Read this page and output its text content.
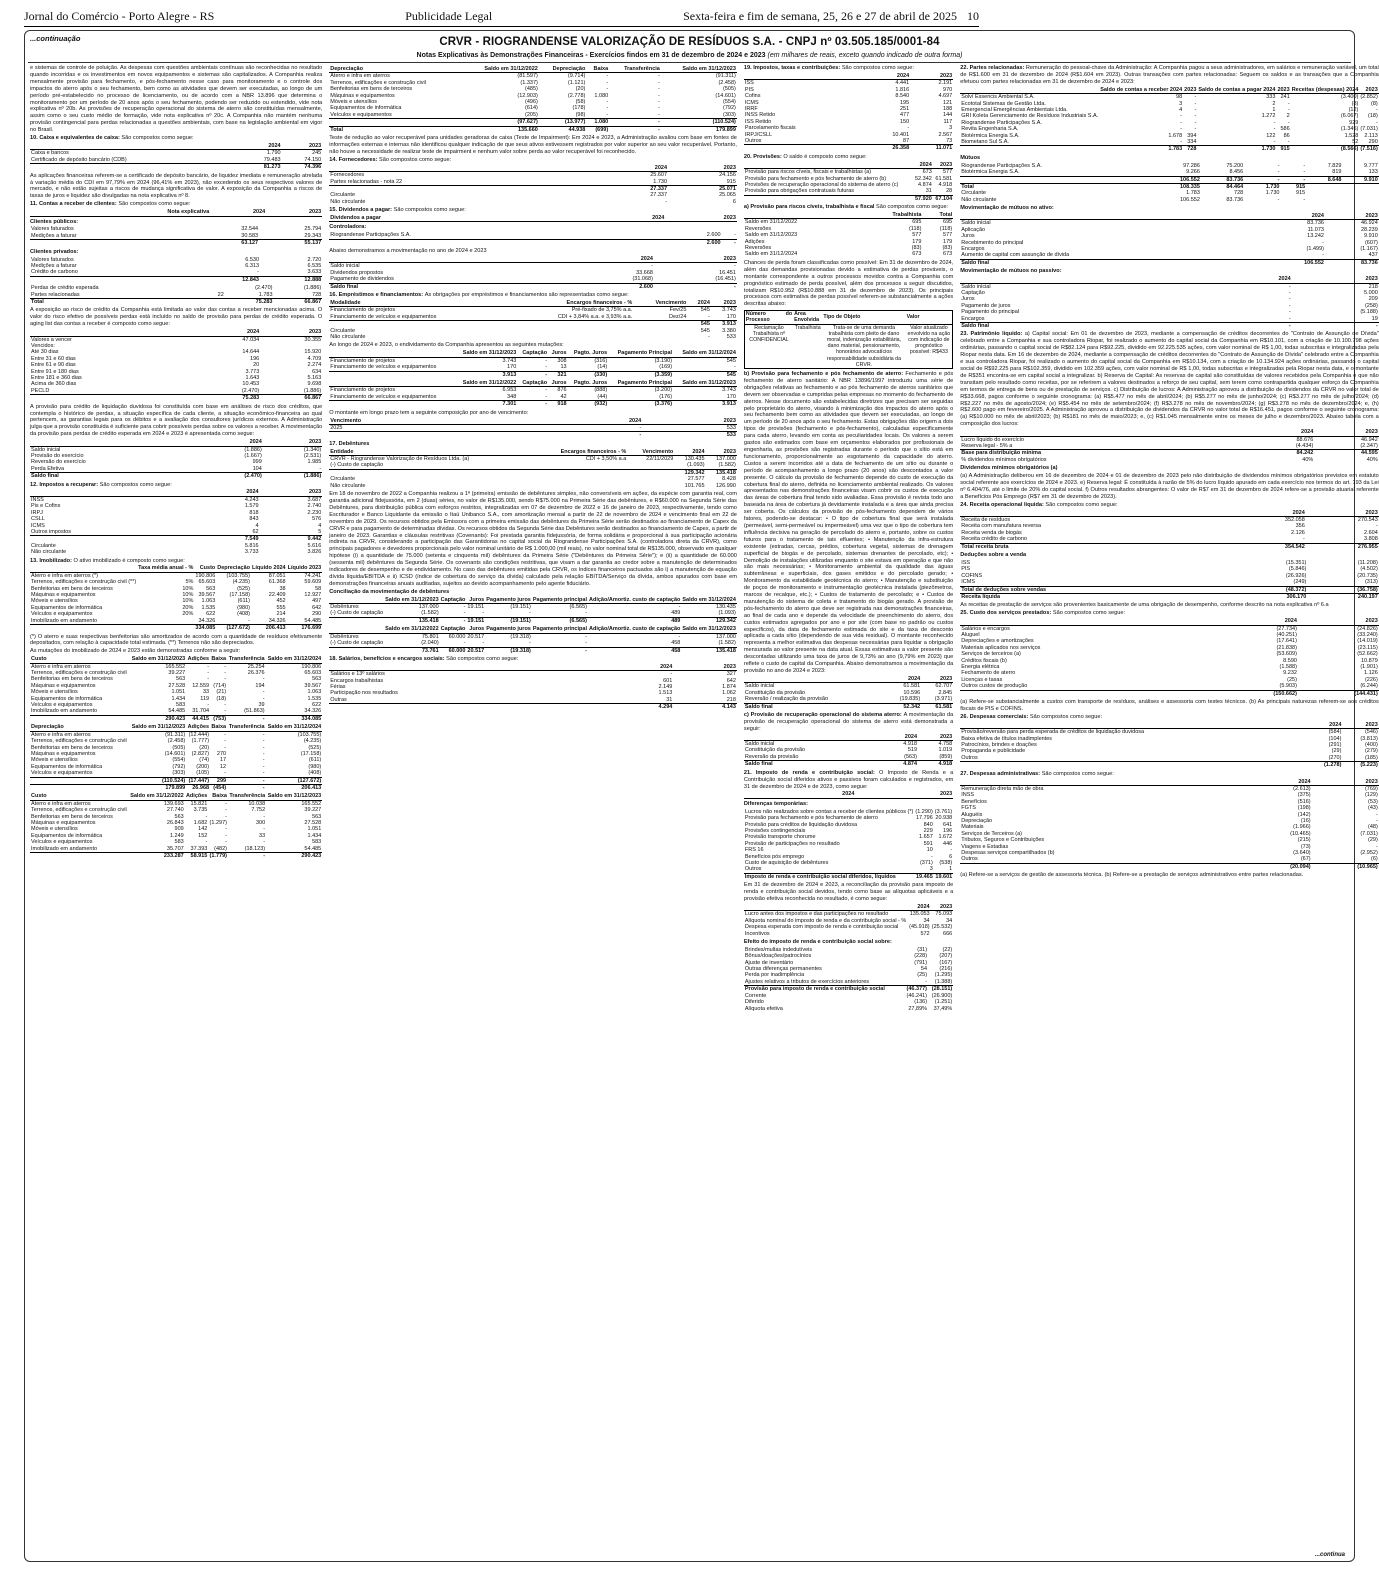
Jornal do Comércio - Porto Alegre - RS	Publicidade Legal	Sexta-feira e fim de semana, 25, 26 e 27 de abril de 2025 10
...continuação	CRVR - RIOGRANDENSE VALORIZAÇÃO DE RESÍDUOS S.A. - CNPJ nº 03.505.185/0001-84
Notas Explicativas às Demonstrações Financeiras - Exercícios findos em 31 de dezembro de 2024 e 2023 (em milhares de reais, exceto quando indicado de outra forma)

e sistemas de controle de poluição. As despesas com questões ambientais contínuas são reconhecidas no resultado quando incorridas e os investimentos em novos equipamentos e sistemas são capitalizados. A Companhia realiza mensalmente provisão para fechamento, e pós-fechamento nesse caso para monitoramento e o controle dos impactos do aterro após o seu fechamento, bem como as atividades que devem ser executadas, ao longo de um período pré-estabelecido no processo de licenciamento, ou de acordo com a NBR 13.896 que determina o monitoramento por um período de 20 anos após o seu fechamento, podendo ser reduzido ou estendido, vide nota explicativa nº 20b. As provisões de recuperação operacional do sistema de aterro são constituídas mensalmente, assim como o seu custo médio de formação, vide nota explicativa nº 20c. A Companhia não mantém nenhuma provisão contingencial para perdas relacionadas a questões ambientais, com base na legislação ambiental em vigor no Brasil.

10. Caixa e equivalentes de caixa: São compostos como segue:

	2024	2023
Caixa e bancos	1.790	245
Certificado de depósito bancário (CDB)	79.483	74.150
	81.273	74.396

As aplicações financeiras referem-se a certificado de depósito bancário, de liquidez imediata e remuneração atrelada à variação média do CDI em 97,79% em 2024 (96,41% em 2023), não excedendo os seus respectivos valores de mercado, e não estão sujeitas a riscos de mudança significativa de valor. A exposição da Companhia a riscos de taxas de juros e liquidez são divulgadas na nota explicativa nº 8.

11. Contas a receber de clientes: São compostos como segue:

	Nota explicativa	2024	2023

Clientes públicos:

Valores faturados		32.544	25.794
Medições a faturar		30.583	29.343
		63.127	55.137

Clientes privados:

Valores faturados		6.530	2.720
Medições a faturar		6.313	6.535
Crédito de carbono		-	3.633
		12.843	12.888
Perdas de crédito esperada		(2.470)	(1.886)
Partes relacionadas	22	1.783	728
Total		75.283	66.867

A exposição ao risco de crédito da Companhia está limitada ao valor das contas a receber mencionadas acima. O valor do risco efetivo de possíveis perdas está incluído no saldo de provisão para perdas de crédito esperada. O aging list das contas a receber é composto como segue:

	2024	2023
Valores a vencer	47.034	30.355
Vencidos:		
Até 30 dias	14.644	15.920
Entre 31 e 60 dias	196	4.709
Entre 61 e 90 dias	20	2.274
Entre 91 e 180 dias	3.773	634
Entre 181 e 360 dias	1.643	5.163
Acima de 360 dias	10.453	9.698
PECLD	(2.470)	(1.886)
	75.283	66.867

A provisão para crédito de liquidação duvidosa foi constituída com base em análises de risco dos créditos, que contempla o histórico de perdas, a situação específica de cada cliente, a situação econômico-financeira ao qual pertencem, as garantias legais para os débitos e a avaliação dos consultores jurídicos externos. A Administração julga que a provisão constituída é suficiente para cobrir possíveis perdas sobre os valores a receber. A movimentação da provisão para perdas de crédito esperada em 2024 e 2023 é apresentada como segue:

	2024	2023
Saldo inicial	(1.886)	(1.340)
Provisão do exercício	(1.667)	(2.531)
Reversão do exercício	999	1.985
Perda Efetiva	104	-
Saldo final	(2.470)	(1.886)

12. Impostos a recuperar: São compostos como segue:

	2024	2023
INSS	4.243	3.687
Pis e Cofins	1.579	2.740
IRPJ	818	2.230
CSLL	843	576
ICMS	4	4
Outros impostos	62	5
	7.549	9.442
Circulante	5.816	5.616
Não circulante	3.733	3.826

13. Imobilizado: O ativo imobilizado é composto como segue:

	Taxa média anual - %	Custo	Depreciação	Líquido 2024	Líquido 2023
Aterro e infra em aterros (*)		190.806	(103.755)	87.051	74.241
Terrenos, edificações e construção civil (**)	5%	65.603	(4.235)	61.368	59.609
Benfeitorias em bens de terceiros	10%	563	(525)	38	58
Máquinas e equipamentos	10%	39.567	(17.158)	22.409	12.927
Móveis e utensílios	10%	1.063	(611)	452	497
Equipamentos de informática	20%	1.535	(980)	555	642
Veículos e equipamentos	20%	622	(408)	214	290
Imobilizado em andamento		34.326	-	34.326	54.485
		334.085	(127.672)	206.413	176.699

(*) O aterro e suas respectivas benfeitorias são amortizados de acordo com a quantidade de resíduos efetivamente depositados, com relação à capacidade total estimada. (**) Terrenos não são depreciados.

As mutações do imobilizado de 2024 e 2023 estão demonstradas conforme a seguir:

Custo	Saldo em 31/12/2023	Adições	Baixa	Transferência	Saldo em 31/12/2024
Aterro e infra em aterros	165.552	-	-	25.254	190.806
Terrenos, edificações e construção civil	39.227	-	-	26.376	65.603
Benfeitorias em bens de terceiros	563	-	-	-	563
Máquinas e equipamentos	27.528	12.559	(714)	194	39.567
Móveis e utensílios	1.051	33	(21)	-	1.063
Equipamentos de informática	1.434	119	(18)	-	1.535
Veículos e equipamentos	583	-	-	39	622
Imobilizado em andamento	54.485	31.704	-	(51.863)	34.326
	290.423	44.415	(753)	-	334.085
Depreciação	Saldo em 31/12/2023	Adições	Baixa	Transferência	Saldo em 31/12/2024
Aterro e infra em aterros	(91.311)	(12.444)	-	-	(103.755)
Terrenos, edificações e construção civil	(2.458)	(1.777)	-	-	(4.235)
Benfeitorias em bens de terceiros	(505)	(20)	-	-	(525)
Máquinas e equipamentos	(14.601)	(2.827)	270	-	(17.158)
Móveis e utensílios	(554)	(74)	17	-	(611)
Equipamentos de informática	(792)	(200)	12	-	(980)
Veículos e equipamentos	(303)	(105)	-	-	(408)
	(110.524)	(17.447)	299	-	(127.672)
	179.899	26.968	(454)	-	206.413
Custo	Saldo em 31/12/2022	Adições	Baixa	Transferência	Saldo em 31/12/2023
Aterro e infra em aterros	139.693	15.821	-	10.038	165.552
Terrenos, edificações e construção civil	27.740	3.735	-	7.752	39.227
Benfeitorias em bens de terceiros	563	-	-	-	563
Máquinas e equipamentos	26.843	1.682	(1.297)	300	27.528
Móveis e utensílios	909	142	-	-	1.051
Equipamentos de informática	1.249	152	-	33	1.434
Veículos e equipamentos	583	-	-	-	583
Imobilizado em andamento	35.707	37.393	(482)	(18.123)	54.485
	233.287	58.915	(1.779)	-	290.423
Depreciação	Saldo em 31/12/2022	Depreciação	Baixa	Transferência	Saldo em 31/12/2023
Aterro e infra em aterros	(81.597)	(9.714)	-	-	(91.311)
Terrenos, edificações e construção civil	(1.337)	(1.121)	-	-	(2.458)
Benfeitorias em bens de terceiros	(485)	(20)	-	-	(505)
Máquinas e equipamentos	(12.903)	(2.778)	1.080	-	(14.601)
Móveis e utensílios	(496)	(58)	-	-	(554)
Equipamentos de informática	(614)	(178)	-	-	(792)
Veículos e equipamentos	(205)	(98)	-	-	(303)
	(97.627)	(13.977)	1.080	-	(110.524)
Total	135.660	44.938	(699)	-	179.899

Teste de redução ao valor recuperável para unidades geradoras de caixa (Teste de Impairment): Em 2024 e 2023, a Administração avaliou com base em fontes de informações externas e internas não identificou qualquer indicação de que seus ativos estivessem registrados por valor superior ao seu valor recuperável. Portanto, não houve a necessidade de realizar teste de impairment e nenhum valor sobre perda ao valor recuperável foi reconhecido.

14. Fornecedores: São compostos como segue:

	2024	2023
Fornecedores	25.607	24.156
Partes relacionadas - nota 22	1.730	915
	27.337	25.071
Circulante	27.337	25.065
Não circulante	-	6

15. Dividendos a pagar: São compostos como segue:

Dividendos a pagar	2024	2023

Controladora:

Riograndense Participações S.A.	2.600	-
	2.600	-

Abaixo demonstramos a movimentação no ano de 2024 e 2023

	2024	2023
Saldo inicial	-	-
Dividendos propostos	33.668	16.451
Pagamento de dividendos	(31.068)	(16.451)
Saldo final	2.600	-

16. Empréstimos e financiamentos: As obrigações por empréstimos e financiamentos são representadas como segue:

Modalidade	Encargos financeiros - %	Vencimento	2024	2023
Financiamento de projetos	Pré-fixado de 3,75% a.a.	Fev/25	545	3.743
Financiamento de veículos e equipamentos	CDI + 3,84% a.a. e 3,93% a.a.	Dez/24	-	170
			545	3.913
Circulante			545	3.380
Não circulante			-	533

Ao longo de 2024 e 2023, o endividamento da Companhia apresentou as seguintes mutações:

	Saldo em 31/12/2023	Captação	Juros	Pagto. Juros	Pagamento Principal	Saldo em 31/12/2024
Financiamento de projetos	3.743	-	308	(316)	(3.190)	545
Financiamento de veículos e equipamentos	170	-	13	(14)	(169)	-
	3.913	-	321	(330)	(3.359)	545
	Saldo em 31/12/2022	Captação	Juros	Pagto. Juros	Pagamento Principal	Saldo em 31/12/2023
Financiamento de projetos	6.953	-	876	(888)	(3.200)	3.743
Financiamento de veículos e equipamentos	348	-	42	(44)	(176)	170
	7.301	-	918	(932)	(3.376)	3.913

O montante em longo prazo tem a seguinte composição por ano de vencimento:

Vencimento	2024	2023
2025	-	533
	-	533

17. Debêntures

Entidade	Encargos financeiros - %	Vencimento	2024	2023
CRVR - Riograndense Valorização de Resíduos Ltda. (a)	CDI + 3,50% a.a	22/11/2029	130.435	137.000
(-) Custo de captação			(1.093)	(1.582)
			129.342	135.418
Circulante			27.577	8.428
Não circulante			101.765	126.990

Em 18 de novembro de 2022 a Companhia realizou a 1ª (primeira) emissão de debêntures simples, não conversíveis em ações, da espécie com garantia real, com garantia adicional fidejussória, em 2 (duas) séries, no valor de R$135.000, sendo R$75.000 na Primeira Série das debêntures, e R$60.000 na Segunda Série das Debêntures, para distribuição pública com esforços restritos, integralizadas em 07 de dezembro de 2022 e 16 de janeiro de 2023, respectivamente, tendo como Escriturador e Banco Liquidante da emissão o Itaú Unibanco S.A., com amortização mensal a partir de 22 de novembro de 2024 e vencimento final em 22 de novembro de 2029. Os recursos obtidos pela Emissora com a primeira emissão das debêntures da Primeira Série serão destinados ao financiamento de Capex da CRVR e para pagamento de determinadas dívidas. Os recursos obtidos da Segunda Série das Debêntures serão destinados ao financiamento de Capex, a partir de janeiro de 2023. Garantias e cláusulas restritivas (Covenants): Foi prestada garantia fidejussória, de forma solidária e proporcional à sua participação acionária indireta na CRVR, considerando a participação das Garantidoras no capital social da Riograndense Participações S.A. (controladora direta da CRVR), como principais pagadores e devedores proporcionais pelo valor nominal unitário de R$ 1.000,00 (mil reais), no valor nominal total de R$135.000, observado em qualquer hipótese (i) a quantidade de 75.000 (setenta e cinquenta mil) debêntures da Primeira Série ("Debêntures da Primeira Série"); e (ii) a quantidade de 60.000 (sessenta mil) debêntures da Segunda Série. Os covenants são condições restritivas, que visam a dar garantia ao credor sobre a manutenção de determinados indicadores de desempenho e de endividamento. No caso das debêntures emitidas pela CRVR, os índices financeiros pactuados são i) a manutenção de equação dívida líquida/EBITDA e ii) ICSD (índice de cobertura do serviço da dívida) calculado pela relação EBITDA/Serviço da dívida, ambos apurados com base em demonstrações financeiras anuais auditadas, sujeitos ao devido acompanhamento pelo agente fiduciário.

Conciliação da movimentação de debêntures

	Saldo em 31/12/2023	Captação	Juros	Pagamento juros	Pagamento principal	Adição/Amortiz. custo de captação	Saldo em 31/12/2024
Debêntures	137.000	-	19.151	(19.151)	(6.565)	-	130.435
(-) Custo de captação	(1.582)	-	-	-	-	489	(1.093)
	135.418	-	19.151	(19.151)	(6.565)	489	129.342
	Saldo em 31/12/2022	Captação	Juros	Pagamento juros	Pagamento principal	Adição/Amortiz. custo de captação	Saldo em 31/12/2023
Debêntures	75.801	60.000	20.517	(19.318)	-	-	137.000
(-) Custo de captação	(2.040)	-	-	-	-	458	(1.582)
	73.761	60.000	20.517	(19.318)	-	458	135.418

18. Salários, benefícios e encargos sociais: São compostos como segue:

	2024	2023
Salários e 13º salários	-	327
Encargos trabalhistas	601	642
Férias	2.149	1.874
Participação nos resultados	1.513	1.062
Outras	31	218
	4.294	4.143

19. Impostos, taxas e contribuições: São compostos como segue:

	2024	2023
ISS	4.441	2.191
PIS	1.816	970
Cofins	8.540	4.697
ICMS	195	121
IRRF	251	188
INSS Retido	477	144
ISS Retido	150	117
Parcelamento fiscais	-	3
IRPJ/CSLL	10.401	2.567
Outros	87	73
	26.358	11.071

20. Provisões: O saldo é composto como segue:

	2024	2023
Provisão para riscos cíveis, fiscais e trabalhistas (a)	673	577
Provisão para fechamento e pós fechamento de aterro (b)	52.342	61.581
Provisões de recuperação operacional do sistema de aterro (c)	4.874	4.918
Provisão para obrigações contratuais futuras	31	28
	57.920	67.104

a) Provisão para riscos cíveis, trabalhista e fiscal São compostos como segue:

	Trabalhista	Total
Saldo em 31/12/2022	695	695
Reversões	(118)	(118)
Saldo em 31/12/2023	577	577
Adições	179	179
Reversões	(83)	(83)
Saldo em 31/12/2024	673	673

Chances de perda foram classificadas como possível: Em 31 de dezembro de 2024, além das demandas provisionadas devido a estimativa de perdas prováveis, o montante correspondente a outros processos movidos contra a Companhia com prognóstico estimado de perda possível, além dos processos a seguir discutidos, totalizam R$10.952 (R$10.888 em 31 de dezembro de 2023). Os principais processos com estimativa de perdas possível referem-se substancialmente a ações descritas abaixo:

Número do Processo	Área Envolvida	Tipo de Objeto	Valor
Reclamação Trabalhista nº CONFIDENCIAL	Trabalhista	Trata-se de uma demanda trabalhista com pleito de dano moral, indenização estabilitária, dano material, pensionamento, honorários advocatícios responsabilidade subsidiária da CRVR.	Valor atualizado envolvido na ação com indicação de prognóstico possível: R$433

b) Provisão para fechamento e pós fechamento de aterro: Fechamento e pós fechamento de aterro sanitário: A NBR 13896/1997 introduziu uma série de obrigações relativas ao fechamento e ao pós fechamento de aterros sanitários que devem ser observadas e cumpridas pelas empresas no momento do fechamento de aterros. Nesse documento são estabelecidas diretrizes que precisam ser seguidas pelo proprietário do aterro, visando à minimização dos impactos do aterro após o seu fechamento bem como as atividades que devem ser executadas, ao longo de um período de 20 anos após o seu fechamento. Estas obrigações dão origem a dois tipos de provisões (fechamento e pós-fechamento), calculadas especificamente para cada aterro, levando em conta as peculiaridades locais. Os valores a serem gastos são estimados com base em orçamentos elaborados por profissionais de engenharia, as provisões são registradas durante o período que o sítio está em funcionamento, proporcionalmente ao esgotamento da capacidade do aterro. Custos a serem incorridos até a data de fechamento de um sítio ou durante o período de acompanhamento a longo prazo (20 anos) são descontados a valor presente. O cálculo da provisão de fechamento depende do custo de execução da cobertura final do aterro, definida no licenciamento ambiental realizado. Os valores apresentados nas demonstrações financeiras visam cobrir os custos de execução das áreas de cobertura final tendo sido avaliadas. Essa provisão é revista todo ano baseada na área de cobertura já devidamente instalada e a área que ainda precisa ser coberta. Os cálculos da provisão de pós-fechamento dependem de vários fatores, podendo-se destacar: • O tipo de cobertura final que será instalada (permeável, semi-permeável ou impermeável) uma vez que o tipo de cobertura tem influência decisiva na geração de percolado do aterro e, portanto, sobre os custos futuros para o tratamento de tais efluentes; • Manutenção da infra-estrutura existente (estradas, cercas, prédios, cobertura vegetal, sistemas de drenagem superficial de biogás e de percolado, sistemas drenantes de percolado, etc); • Demolição de instalações utilizadas enquanto o site estava em operação e que não são mais necessárias; • Monitoramento ambiental da qualidade das águas subterrâneas e superficiais, dos gases emitidos e do percolado gerado; • Monitoramento da estabilidade geotécnica do aterro; • Manutenção e substituição de poços de monitoramento e instrumentação geotécnica instalada (piezômetros, marcos de recalque, etc.); • Custos de tratamento de percolado; e • Custos de manutenção do sistema de coleta e tratamento do biogás gerado. A provisão de pós-fechamento do aterro que deve ser registrada nas demonstrações financeiras, ao final de cada ano e depende da velocidade de preenchimento do aterro, dos custos estimados agregados por ano e por site (com base no padrão ou custos específicos), da data de fechamento estimada do site e da taxa de desconto aplicada a cada sítio (dependendo de sua vida residual). O montante reconhecido representa a melhor estimativa das despesas necessárias para liquidar a obrigação mensurada ao valor presente na data atual. Essas estimativas a valor presente são descontadas utilizando uma taxa de juros de 9,73% ao ano (9,79% em 2023) que reflete o custo de capital da Companhia. Abaixo demonstramos a movimentação da provisão no ano de 2024 e 2023:

	2024	2023
Saldo inicial	61.581	62.707
Constituição da provisão	10.596	2.845
Reversão / realização da provisão	(19.835)	(3.971)
Saldo final	52.342	61.581

c) Provisão de recuperação operacional do sistema aterro: A movimentação da provisão de recuperação operacional do sistema de aterro está demonstrada a seguir:

	2024	2023
Saldo inicial	4.918	4.758
Constituição da provisão	519	1.019
Reversão da provisão	(563)	(859)
Saldo final	4.874	4.918

21. Imposto de renda e contribuição social: O Imposto de Renda e a Contribuição social diferidos ativos e passivos foram calculados e registrados, em 31 de dezembro de 2024 e de 2023, como segue:

	2024	2023

Diferenças temporárias:

Lucros não realizados sobre contas a receber de clientes públicos (*)	(1.290)	(3.761)
Provisão para fechamento e pós fechamento de aterro	17.796	20.938
Provisão para créditos de liquidação duvidosa	840	641
Provisões contingenciais	229	196
Provisão transporte chorume	1.657	1.672
Provisão de participações no resultado	591	446
FRS 16	10	-
Benefícios pós emprego	-	6
Custo de aquisição de debêntures	(371)	(538)
Outros	3	1
Imposto de renda e contribuição social diferidos, líquidos	19.465	19.601

Em 31 de dezembro de 2024 e 2023, a reconciliação da provisão para imposto de renda e contribuição social devidos, tendo como base as alíquotas aplicáveis e a provisão efetiva reconhecida no resultado, é como segue:

	2024	2023
Lucro antes dos impostos e das participações no resultado	135.053	75.093
Alíquota nominal do imposto de renda e da contribuição social - %	34	34
Despesa esperada com imposto de renda e contribuição social	(45.918)	(25.532)
Incentivos	572	666

Efeito do imposto de renda e contribuição social sobre:

Brindes/multas indedutíveis	(31)	(22)
Bônus/doações/patrocínios	(228)	(207)
Ajuste de inventário	(791)	(167)
Outras diferenças permanentes	54	(216)
Perda por inadimplência	(25)	(1.295)
Ajustes relativos a tributos de exercícios anteriores	-	(1.388)
Provisão para imposto de renda e contribuição social	(46.377)	(28.151)
Corrente	(46.241)	(26.900)
Diferido	(136)	(1.251)
Alíquota efetiva	27,89%	37,49%

22. Partes relacionadas: Remuneração do pessoal-chave da Administração: A Companhia pagou a seus administradores, em salários e remuneração variável, um total de R$1.600 em 31 de dezembro de 2024 (R$1.604 em 2023). Outras transações com partes relacionadas: Seguem os saldos e as transações que a Companhia efetuou com partes relacionadas em 31 de dezembro de 2024 e 2023:

	Saldo de contas a receber 2024	2023	Saldo de contas a pagar 2024	2023	Receitas (despesas) 2024	2023
Solví Essencis Ambiental S.A.	98	-	333	241	(3.400)	(2.852)
Ecototal Sistemas de Gestão Ltda.	3	-	2	-	(8)	(8)
Emergencial Emergências Ambientais Ltda.	4	-	1	-	(12)	-
GRI Koleta Gerenciamento de Resíduos Industriais S.A.	-	-	1.272	2	(6.067)	(18)
Riograndense Participações S.A.	-	-	-	-	929	-
Revita Engenharia S.A.	-	-	-	586	(1.345)	(7.031)
Biotérmica Energia S.A.	1.678	394	122	86	1.528	2.113
Biometano Sul S.A.	-	334	-	-	52	290
	1.783	728	1.730	915	(8.566)	(7.516)

Mútuos

Riograndense Participações S.A.	97.286	75.200	-	-	7.829	9.777
Biotérmica Energia S.A.	9.266	8.456	-	-	819	133
	106.552	83.736	-	-	8.648	9.910
Total	108.335	84.464	1.730	915		
Circulante	1.783	728	1.730	915		
Não circulante	106.552	83.736	-	-		

Movimentação de mútuos no ativo:

	2024	2023
Saldo inicial	83.736	46.924
Aplicação	11.073	28.239
Juros	13.242	9.910
Recebimento do principal	-	(607)
Encargos	(1.499)	(1.167)
Aumento de capital com assunção de dívida	-	437
Saldo final	106.552	83.736

Movimentação de mútuos no passivo:

	2024	2023
Saldo inicial	-	218
Captação	-	5.000
Juros	-	209
Pagamento de juros	-	(258)
Pagamento do principal	-	(5.188)
Encargos	-	19
Saldo final	-	-

23. Patrimônio líquido: a) Capital social: Em 01 de dezembro de 2023, mediante a compensação de créditos decorrentes do "Contrato de Assunção de Dívida" celebrado entre a Companhia e sua controladora Riopar, foi realizado o aumento do capital social da Companhia em R$10.101, com a criação de 10.100.798 ações ordinárias, passando o capital social de R$82.124 para R$92.225, dividido em 92.225.535 ações, com valor nominal de R$ 1,00, todas subscritas e integralizadas pela Riopar nesta data. Em 16 de dezembro de 2024, mediante a compensação de créditos decorrentes do "Contrato de Assunção de Dívida" celebrado entre a Companhia e sua controladora Riopar, foi realizado o aumento do capital social da Companhia em R$10.134, com a criação de 10.134.924 ações ordinárias, passando o capital social de R$92.225 para R$102.359, dividido em 102.359 ações, com valor nominal de R$ 1,00, todas subscritas e integralizadas pela Riopar nesta data, e o montante de R$351 encontra-se em capital social a integralizar. b) Reserva de Capital: As reservas de capital são constituídas de valores recebidos pela Companhia e que não transitam pelo resultado como receitas, por se referirem a valores destinados a reforço de seu capital, sem terem como contrapartida qualquer esforço da Companhia em termos de entrega de bens ou de prestação de serviços. c) Distribuição de lucros: A Administração aprovou a distribuição de dividendos da CRVR no valor total de R$33.668, pagos conforme o seguinte cronograma: (a) R$5.477 no mês de abril/2024; (b) R$5.277 no mês de junho/2024; (c) R$3.277 no mês de julho/2024; (d) R$2.227 no mês de agosto/2024; (e) R$5.454 no mês de setembro/2024; (f) R$3.278 no mês de novembro/2024; (g) R$3.278 no mês de dezembro/2024; e, (h) R$2.600 pago em fevereiro/2025. A Administração aprovou a distribuição de dividendos da CRVR no valor total de R$16.451, pagos conforme o seguinte cronograma: (a) R$10.000 no mês de abril/2023; (b) R$181 no mês de maio/2023; e, (c) R$1.045 mensalmente entre os meses de julho e dezembro/2023. Abaixo tabela com a composição dos lucros:

	2024	2023
Lucro líquido do exercício	88.676	46.942
Reserva legal - 5% a	(4.434)	(2.347)
Base para distribuição mínima	84.242	44.595
% dividendos mínimos obrigatórios	40%	40%

Dividendos mínimos obrigatórios (a)

(a) A Administração deliberou em 16 de dezembro de 2024 e 01 de dezembro de 2023 pelo não distribuição de dividendos mínimos obrigatórios previstos em estatuto social referente aos exercícios de 2024 e 2023. e) Reserva legal: É constituída à razão de 5% do lucro líquido apurado em cada exercício nos termos do art. 193 da Lei nº 6.404/76, até o limite de 20% do capital social. f) Outros resultados abrangentes: O valor de R$7 em 31 de dezembro de 2024 refere-se a provisão atuarial referente a Benefícios Pós Emprego (R$7 em 31 de dezembro de 2023).

24. Receita operacional líquida: São compostos como segue:

	2024	2023
Receita de resíduos	352.058	270.543
Receita com manufatura reversa	356	-
Receita venda de biogás	2.126	2.604
Receita crédito de carbono	-	3.808
Total receita bruta	354.542	276.955

Deduções sobre a venda

ISS	(15.351)	(11.208)
PIS	(5.846)	(4.502)
COFINS	(26.926)	(20.735)
ICMS	(249)	(313)
Total de deduções sobre vendas	(48.372)	(36.758)
Receita líquida	306.170	240.197

As receitas de prestação de serviços são provenientes basicamente de uma obrigação de desempenho, conforme descrito na nota explicativa nº 6.a

25. Custo dos serviços prestados: São compostos como segue:

	2024	2023
Salários e encargos	(27.734)	(24.826)
Aluguel	(40.251)	(33.240)
Depreciações e amortizações	(17.641)	(14.019)
Materiais aplicados nos serviços	(21.838)	(23.115)
Serviços de terceiros (a)	(53.609)	(52.662)
Créditos fiscais (b)	8.590	10.879
Energia elétrica	(1.588)	(1.901)
Fechamento de aterro	9.232	1.126
Licenças e taxas	(25)	(226)
Outros custos de produção	(5.903)	(6.244)
	(150.662)	(144.431)

(a) Refere-se substancialmente a custos com transporte de resíduos, análises e assessoria com testes técnicos. (b) As principais naturezas referem-se aos créditos fiscais de PIS e COFINS.

26. Despesas comerciais: São compostos como segue:

	2024	2023
Provisão/reversão para perda esperada de créditos de liquidação duvidosa	(584)	(546)
Baixa efetiva de títulos inadimplentes	(104)	(3.813)
Patrocínios, brindes e doações	(291)	(400)
Propaganda e publicidade	(29)	(279)
Outros	(270)	(185)
	(1.278)	(5.223)

27. Despesas administrativas: São compostos como segue:

	2024	2023
Remuneração direta mão de obra	(2.613)	(769)
INSS	(375)	(129)
Benefícios	(516)	(53)
FGTS	(198)	(43)
Aluguéis	(142)	-
Depreciação	(16)	-
Materiais	(1.966)	(48)
Serviços de Terceiros (a)	(10.465)	(7.031)
Tributos, Seguros e Contribuições	(215)	(29)
Viagens e Estadias	(73)	-
Despesas serviços compartilhados (b)	(3.640)	(2.952)
Outros	(67)	(6)
	(20.094)	(10.965)

(a) Refere-se a serviços de gestão de assessoria técnica. (b) Refere-se a prestação de serviços administrativos entre partes relacionadas.

...continua
